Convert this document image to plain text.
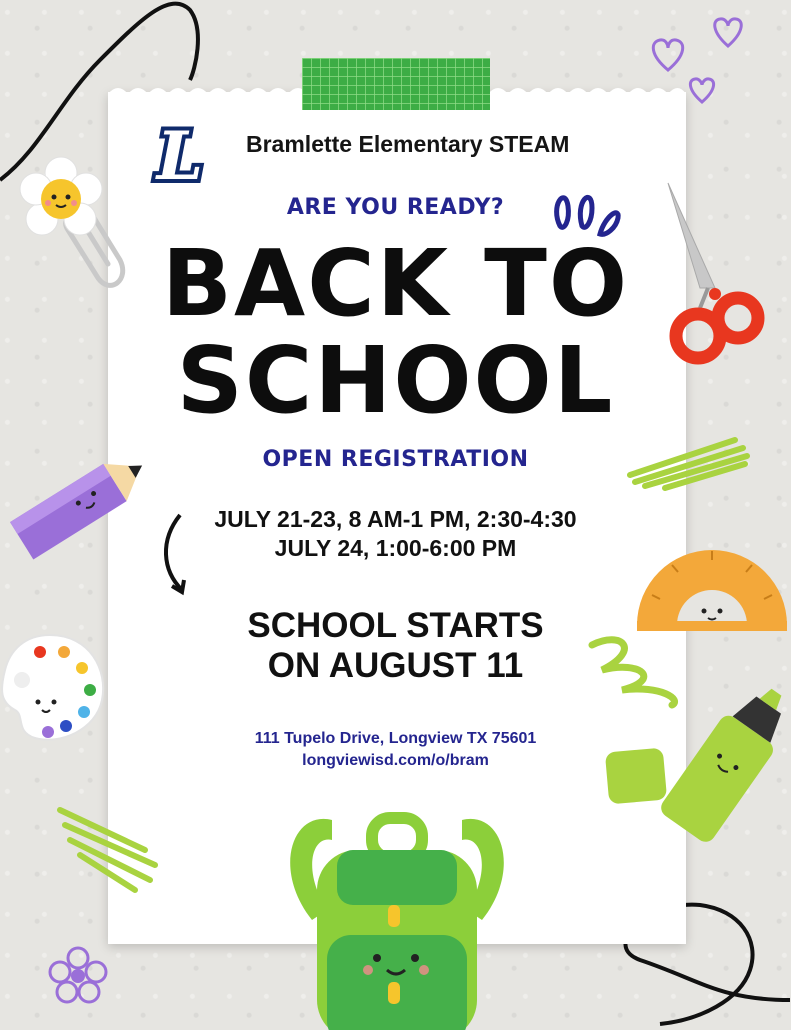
L Bramlette Elementary STEAM
ARE YOU READY?
BACK TO
SCHOOL
OPEN REGISTRATION
JULY 21-23, 8 AM-1 PM, 2:30-4:30
JULY 24, 1:00-6:00 PM
SCHOOL STARTS
ON AUGUST 11
111 Tupelo Drive, Longview TX 75601
longviewisd.com/o/bram
